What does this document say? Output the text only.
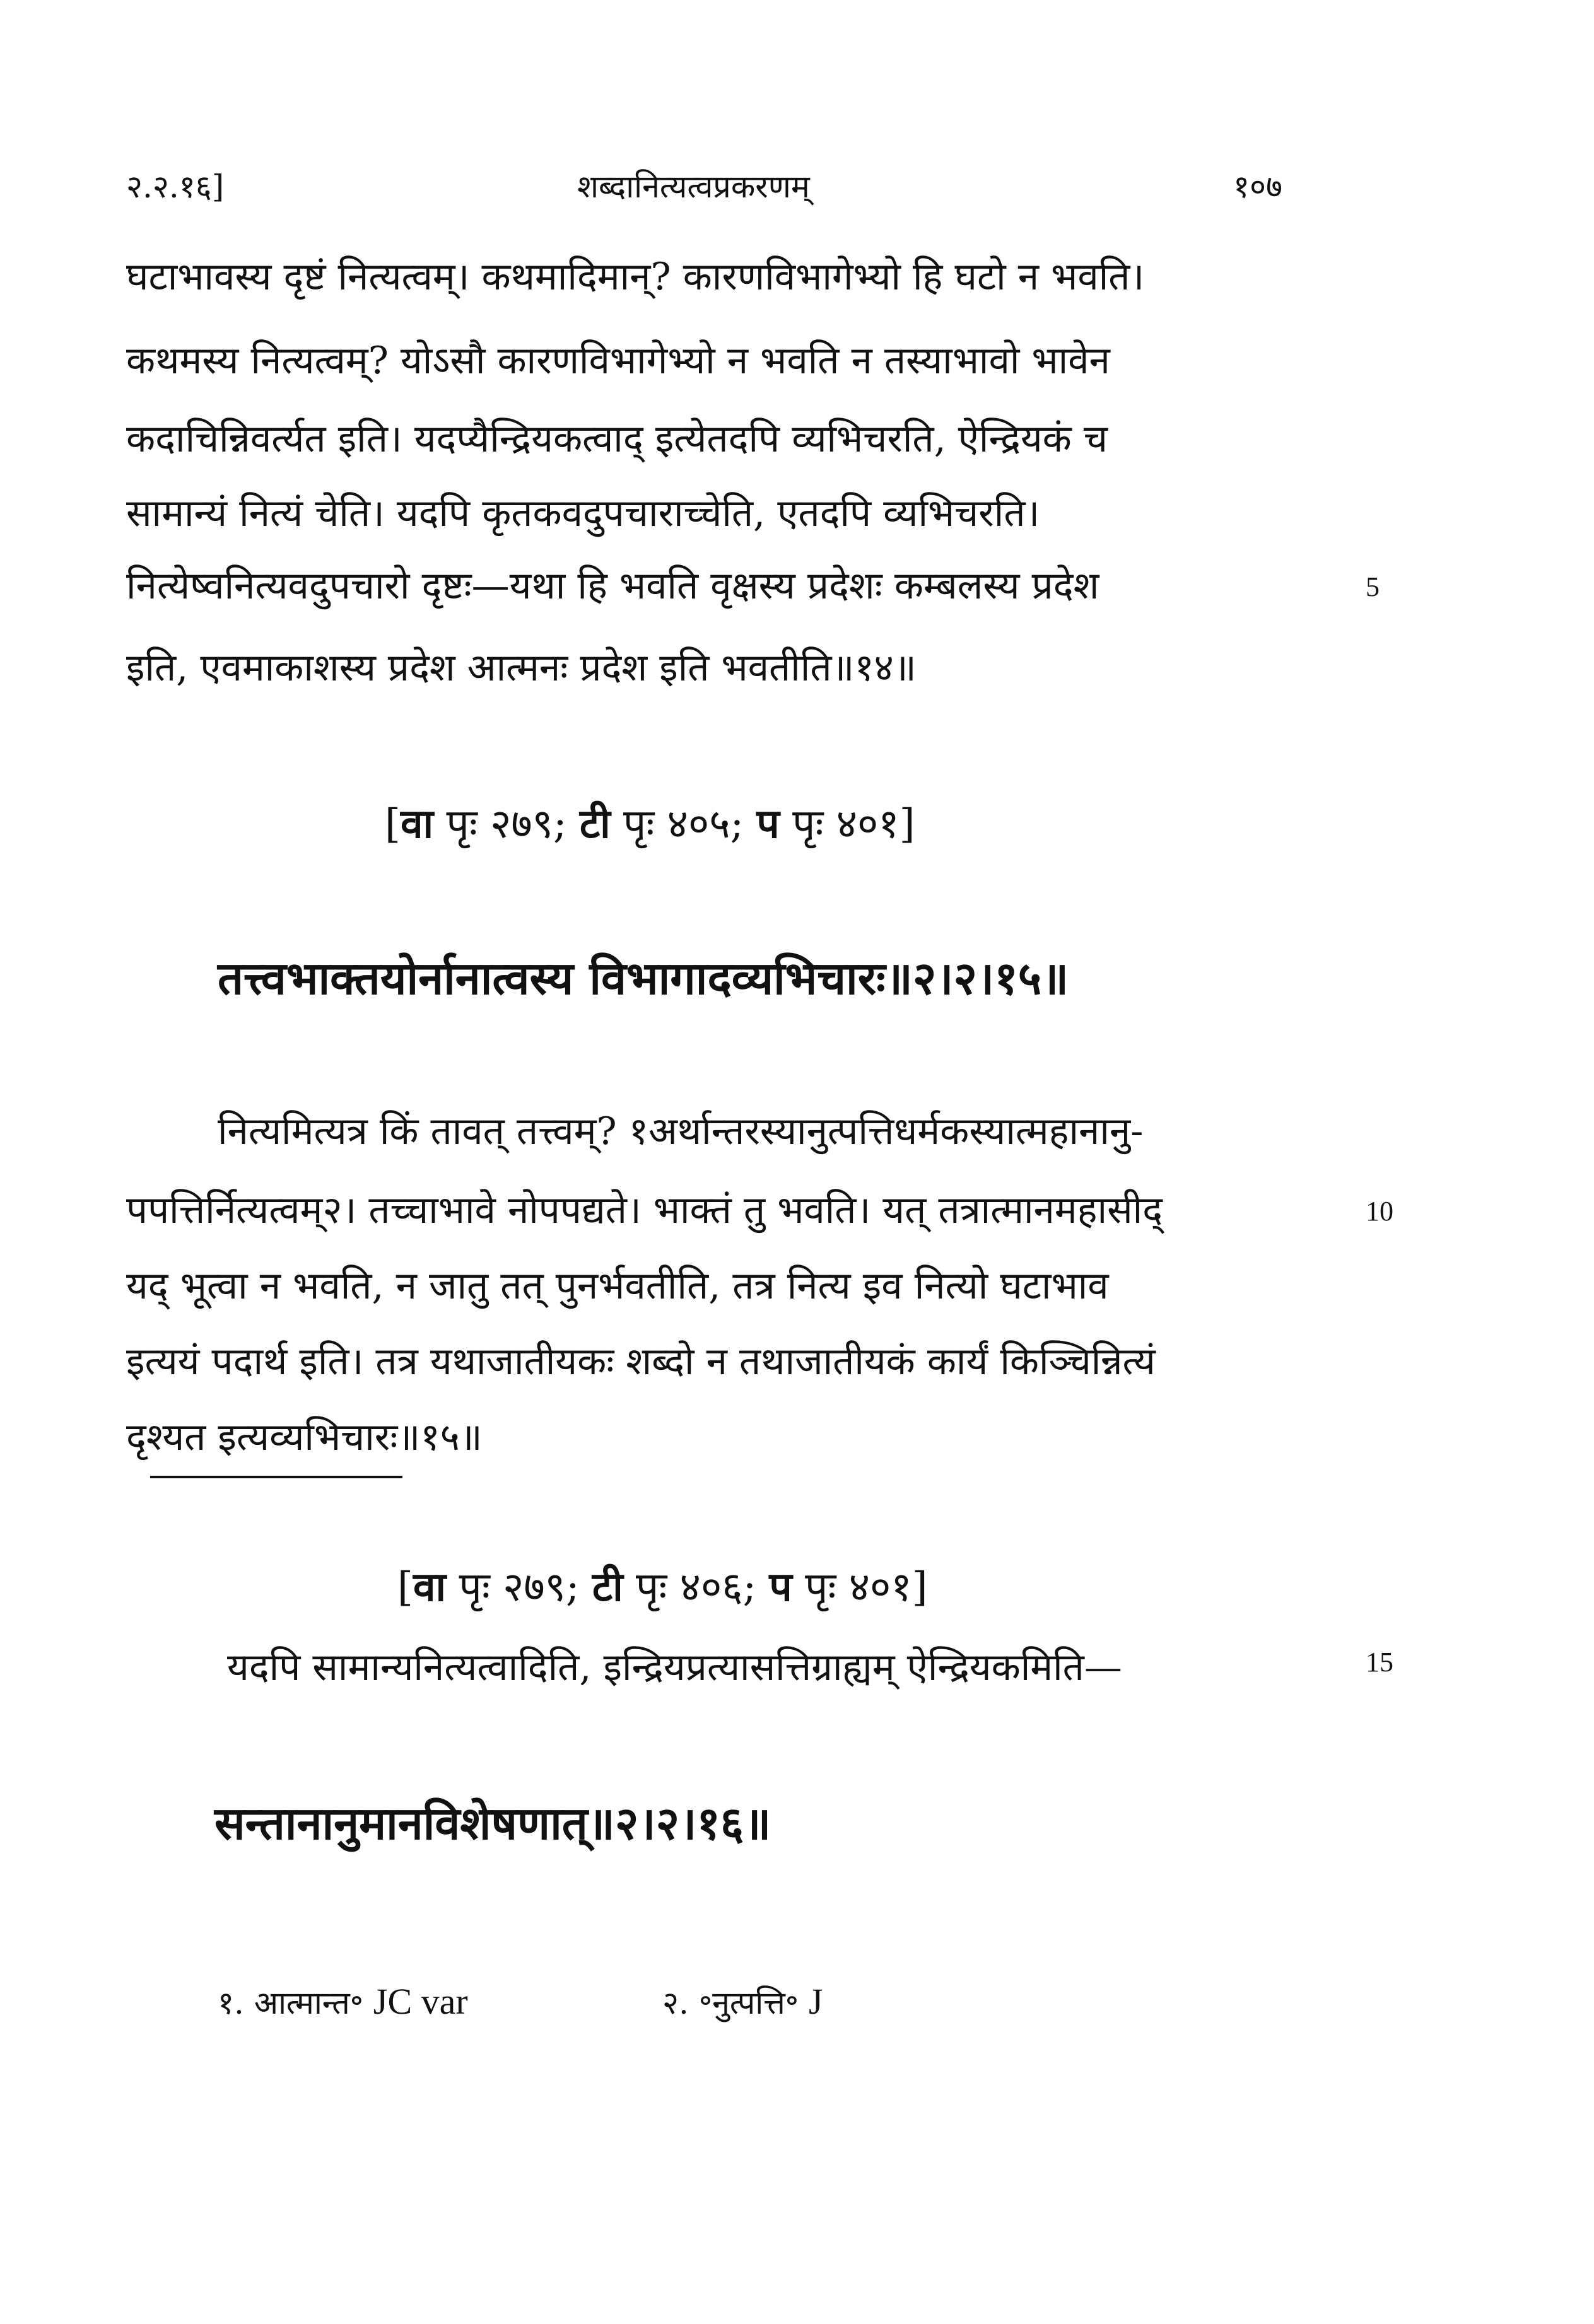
२.२.१६]	शब्दानित्यत्वप्रकरणम्	१०७
घटाभावस्य दृष्टं नित्यत्वम्। कथमादिमान्? कारणविभागेभ्यो हि घटो न भवति।
कथमस्य नित्यत्वम्? योऽसौ कारणविभागेभ्यो न भवति न तस्याभावो भावेन
कदाचिन्निवर्त्यत इति। यदप्यैन्द्रियकत्वाद् इत्येतदपि व्यभिचरति, ऐन्द्रियकं च
सामान्यं नित्यं चेति। यदपि कृतकवदुपचाराच्चेति, एतदपि व्यभिचरति।
नित्येष्वनित्यवदुपचारो दृष्टः—यथा हि भवति वृक्षस्य प्रदेशः कम्बलस्य प्रदेश
इति, एवमाकाशस्य प्रदेश आत्मनः प्रदेश इति भवतीति॥१४॥
5
[वा पृः २७९; टी पृः ४०५; प पृः ४०१]
तत्त्वभाक्तयोर्नानात्वस्य विभागादव्यभिचारः॥२।२।१५॥
नित्यमित्यत्र किं तावत् तत्त्वम्? १अर्थान्तरस्यानुत्पत्तिधर्मकस्यात्महानानु-
पपत्तिर्नित्यत्वम्२। तच्चाभावे नोपपद्यते। भाक्तं तु भवति। यत् तत्रात्मानमहासीद्
यद् भूत्वा न भवति, न जातु तत् पुनर्भवतीति, तत्र नित्य इव नित्यो घटाभाव
इत्ययं पदार्थ इति। तत्र यथाजातीयकः शब्दो न तथाजातीयकं कार्यं किञ्चिन्नित्यं
दृश्यत इत्यव्यभिचारः॥१५॥
10
[वा पृः २७९; टी पृः ४०६; प पृः ४०१]
यदपि सामान्यनित्यत्वादिति, इन्द्रियप्रत्यासत्तिग्राह्यम् ऐन्द्रियकमिति—	15
सन्तानानुमानविशेषणात्॥२।२।१६॥
१. आत्मान्त॰ JC var	२. ॰नुत्पत्ति॰ J
